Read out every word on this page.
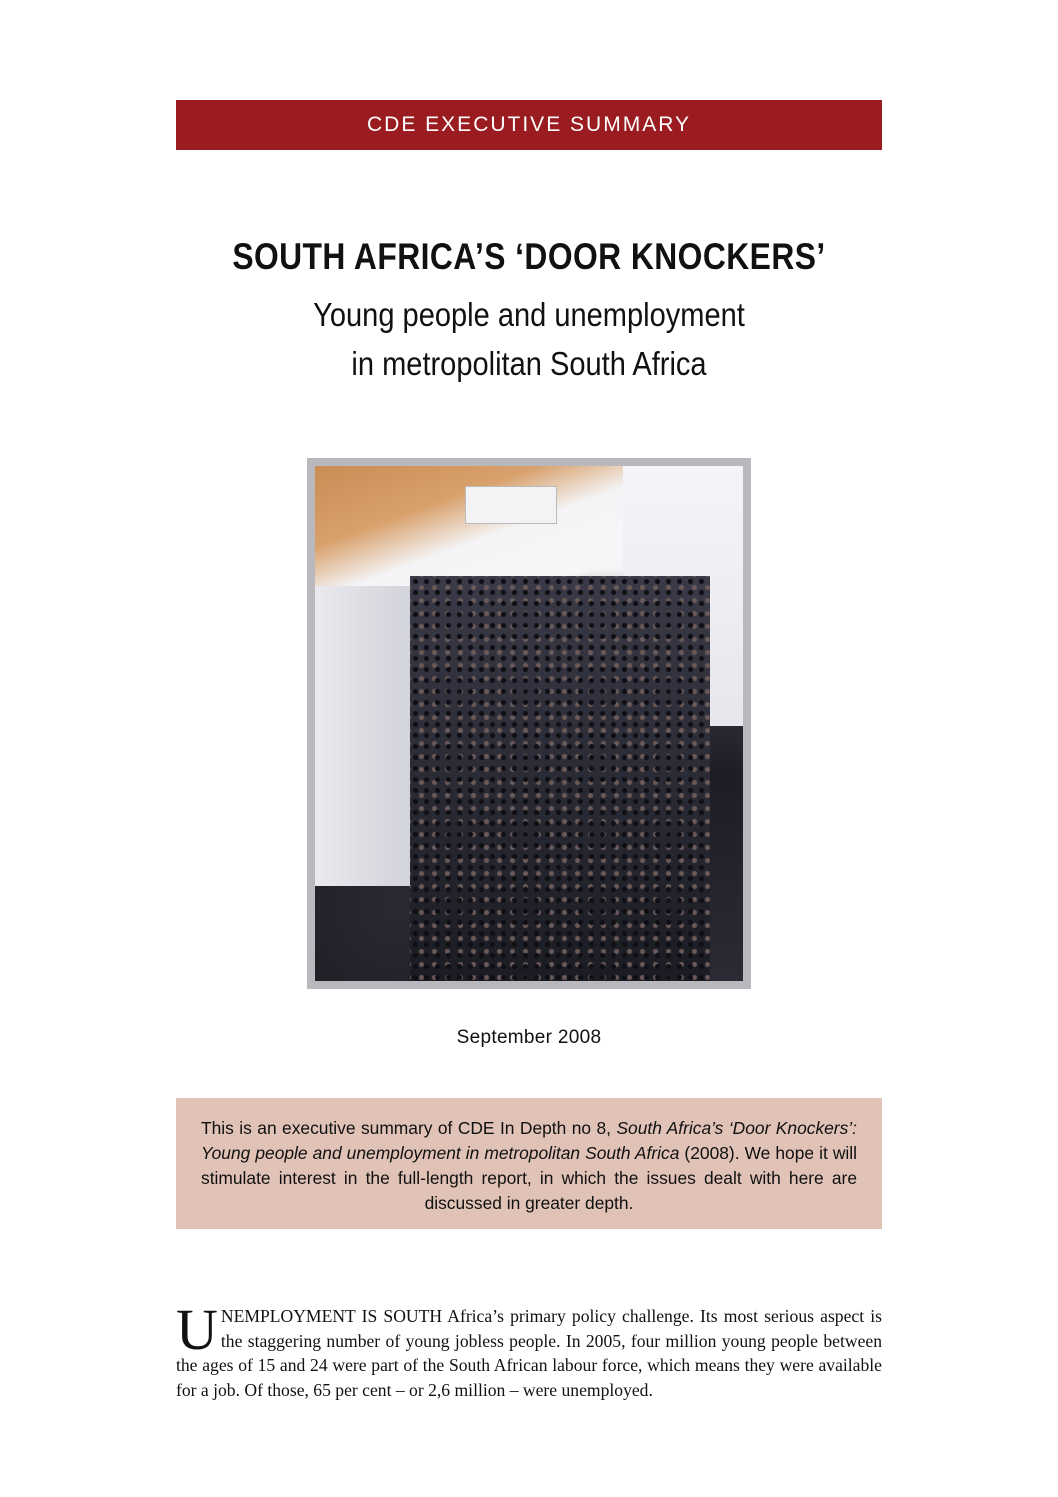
CDE EXECUTIVE SUMMARY
SOUTH AFRICA’S ‘DOOR KNOCKERS’
Young people and unemployment
in metropolitan South Africa
September 2008
This is an executive summary of CDE In Depth no 8, South Africa’s ‘Door Knockers’: Young people and unemployment in metropolitan South Africa (2008). We hope it will stimulate interest in the full-length report, in which the issues dealt with here are discussed in greater depth.
UNEMPLOYMENT IS SOUTH Africa’s primary policy challenge. Its most serious aspect is the staggering number of young jobless people. In 2005, four million young people between the ages of 15 and 24 were part of the South African labour force, which means they were available for a job. Of those, 65 per cent – or 2,6 million – were unemployed.
